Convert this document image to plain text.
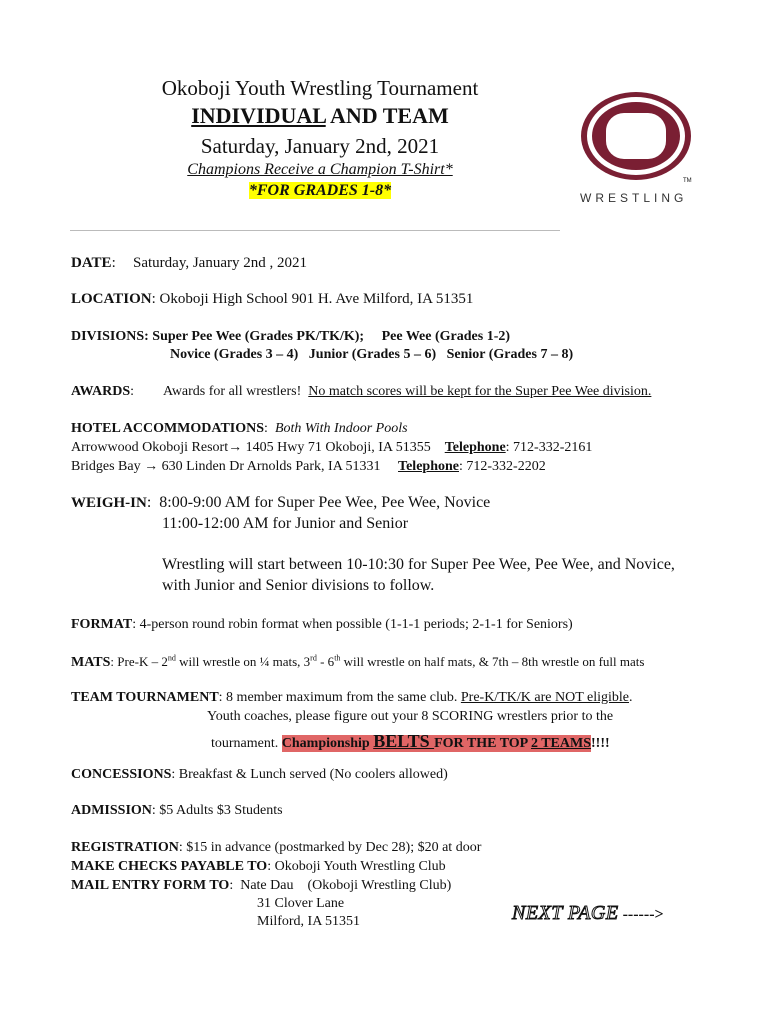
Okoboji Youth Wrestling Tournament
INDIVIDUAL AND TEAM
Saturday, January 2nd, 2021
Champions Receive a Champion T-Shirt*
*FOR GRADES 1-8*
TM
WRESTLING
DATE: Saturday, January 2nd , 2021
LOCATION: Okoboji High School 901 H. Ave Milford, IA 51351
DIVISIONS: Super Pee Wee (Grades PK/TK/K);     Pee Wee (Grades 1-2)
Novice (Grades 3 – 4)   Junior (Grades 5 – 6)   Senior (Grades 7 – 8)
AWARDS: Awards for all wrestlers! No match scores will be kept for the Super Pee Wee division.
HOTEL ACCOMMODATIONS: Both With Indoor Pools
Arrowwood Okoboji Resort→ 1405 Hwy 71 Okoboji, IA 51355 Telephone: 712-332-2161
Bridges Bay → 630 Linden Dr Arnolds Park, IA 51331 Telephone: 712-332-2202
WEIGH-IN:  8:00-9:00 AM for Super Pee Wee, Pee Wee, Novice
11:00-12:00 AM for Junior and Senior
Wrestling will start between 10-10:30 for Super Pee Wee, Pee Wee, and Novice,
with Junior and Senior divisions to follow.
FORMAT: 4-person round robin format when possible (1-1-1 periods; 2-1-1 for Seniors)
MATS: Pre-K – 2nd will wrestle on ¼ mats, 3rd - 6th will wrestle on half mats, & 7th – 8th wrestle on full mats
TEAM TOURNAMENT: 8 member maximum from the same club. Pre-K/TK/K are NOT eligible.
Youth coaches, please figure out your 8 SCORING wrestlers prior to the
tournament. Championship BELTS FOR THE TOP 2 TEAMS!!!!
CONCESSIONS: Breakfast & Lunch served (No coolers allowed)
ADMISSION: $5 Adults $3 Students
REGISTRATION: $15 in advance (postmarked by Dec 28); $20 at door
MAKE CHECKS PAYABLE TO: Okoboji Youth Wrestling Club
MAIL ENTRY FORM TO:  Nate Dau    (Okoboji Wrestling Club)
31 Clover Lane
Milford, IA 51351	NEXT PAGE ------>
